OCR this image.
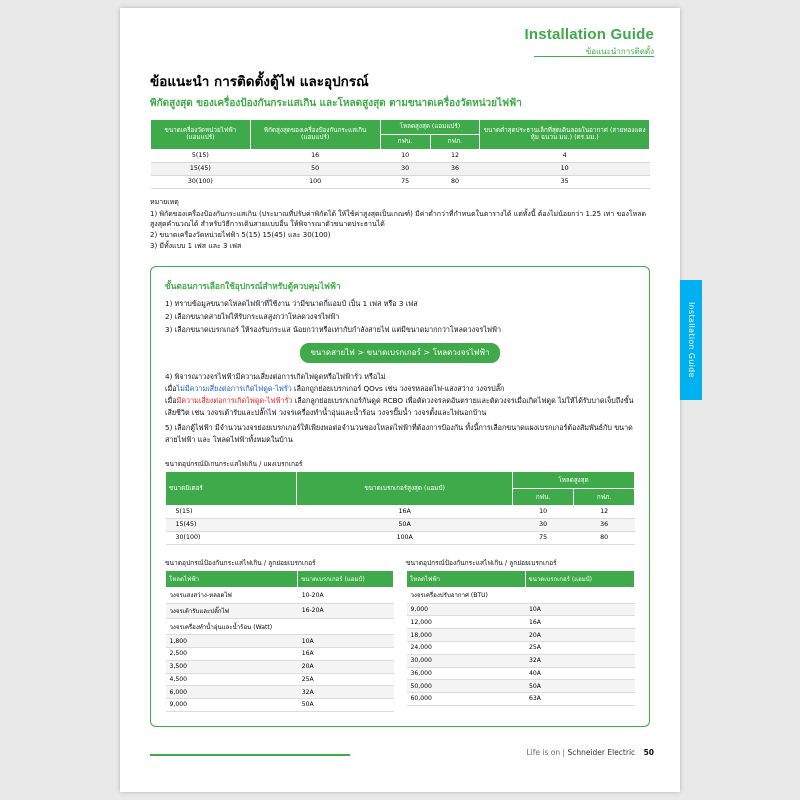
Installation Guide
ข้อแนะนำการติดตั้ง
ข้อแนะนำ การติดตั้งตู้ไฟ และอุปกรณ์
พิกัดสูงสุด ของเครื่องป้องกันกระแสเกิน และโหลดสูงสุด ตามขนาดเครื่องวัดหน่วยไฟฟ้า
ขนาดเครื่องวัดหน่วยไฟฟ้า (แอมแปร์)	พิกัดสูงสุดของเครื่องป้องกันกระแสเกิน (แอมแปร์)	โหลดสูงสุด (แอมแปร์)		ขนาดต่ำสุดประธานเล็กที่สุดเดินลอยในอากาศ (สายทองแดงหุ้ม ฉนวน มม.) (ตร.มม.)
		กฟน.	กฟภ.	
5(15)	16	10	12	4
15(45)	50	30	36	10
30(100)	100	75	80	35
หมายเหตุ
1) พิกัดของเครื่องป้องกันกระแสเกิน (ประมาณที่ปรับค่าพิกัดได้ ให้ใช้ค่าสูงสุดเป็นเกณฑ์) มีค่าต่ำกว่าที่กำหนดในตารางได้ แต่ทั้งนี้ ต้องไม่น้อยกว่า 1.25 เท่า ของโหลดสูงสุดคำนวณได้ สำหรับวิธีการเดินสายแบบอื่น ให้พิจารณาตัวขนาดประธานได้
2) ขนาดเครื่องวัดหน่วยไฟฟ้า 5(15) 15(45) และ 30(100)
3) มีทั้งแบบ 1 เฟส และ 3 เฟส
ขั้นตอนการเลือกใช้อุปกรณ์สำหรับตู้ควบคุมไฟฟ้า
1) ทราบข้อมูลขนาดโหลดไฟฟ้าที่ใช้งาน ว่ามีขนาดกี่แอมป์ เป็น 1 เฟส หรือ 3 เฟส
2) เลือกขนาดสายไฟให้รับกระแสสูงกว่าโหลดวงจรไฟฟ้า
3) เลือกขนาดเบรกเกอร์ ให้รองรับกระแส น้อยกว่าหรือเท่ากับกำลังสายไฟ แต่มีขนาดมากกว่าโหลดวงจรไฟฟ้า
ขนาดสายไฟ > ขนาดเบรกเกอร์ > โหลดวงจรไฟฟ้า
4) พิจารณาวงจรไฟฟ้ามีความเสี่ยงต่อการเกิดไฟดูดหรือไฟฟ้ารั่ว หรือไม่
เมื่อไม่มีความเสี่ยงต่อการเกิดไฟดูด-ไฟรั่ว เลือกถูกย่อยเบรกเกอร์ QOvs เช่น วงจรหลอดไฟ-แสงสว่าง วงจรปลั๊ก
เมื่อมีความเสี่ยงต่อการเกิดไฟดูด-ไฟฟ้ารั่ว เลือกลูกย่อยเบรกเกอร์กันดูด RCBO เพื่อตัดวงจรลดอันตรายและตัดวงจรเมื่อเกิดไฟดูด ไม่ให้ได้รับบาดเจ็บถึงขั้นเสียชีวิต เช่น วงจรเต้ารับและปลั๊กไฟ วงจรเครื่องทำน้ำอุ่นและน้ำร้อน วงจรปั๊มน้ำ วงจรตั้งและไฟนอกบ้าน
5) เลือกตู้ไฟฟ้า มีจำนวนวงจรย่อยเบรกเกอร์ให้เพียงพอต่อจำนวนของโหลดไฟฟ้าที่ต้องการป้องกัน ทั้งนี้การเลือกขนาดแผงเบรกเกอร์ต้องสัมพันธ์กับ ขนาดสายไฟฟ้า และ โหลดไฟฟ้าทั้งหมดในบ้าน
ขนาดอุปกรณ์มิเกนกระแสไฟเกิน / แผงเบรกเกอร์
ขนาดมิเตอร์	ขนาดเบรกเกอร์สูงสุด (แอมป์)	โหลดสูงสุด	
		กฟน.	กฟภ.
5(15)	16A	10	12
15(45)	50A	30	36
30(100)	100A	75	80
ขนาดอุปกรณ์ป้องกันกระแสไฟเกิน / ลูกย่อยเบรกเกอร์
โหลดไฟฟ้า	ขนาดเบรกเกอร์ (แอมป์)
วงจรแสงสว่าง-หลอดไฟ	10-20A
วงจรเต้ารับและปลั๊กไฟ	16-20A
วงจรเครื่องทำน้ำอุ่นและน้ำร้อน (Watt)	
1,800	10A
2,500	16A
3,500	20A
4,500	25A
6,000	32A
9,000	50A
ขนาดอุปกรณ์ป้องกันกระแสไฟเกิน / ลูกย่อยเบรกเกอร์
โหลดไฟฟ้า	ขนาดเบรกเกอร์ (แอมป์)
วงจรเครื่องปรับอากาศ (BTU)	
9,000	10A
12,000	16A
18,000	20A
24,000	25A
30,000	32A
36,000	40A
50,000	50A
60,000	63A
Life is on | Schneider Electric 50
Installation Guide
